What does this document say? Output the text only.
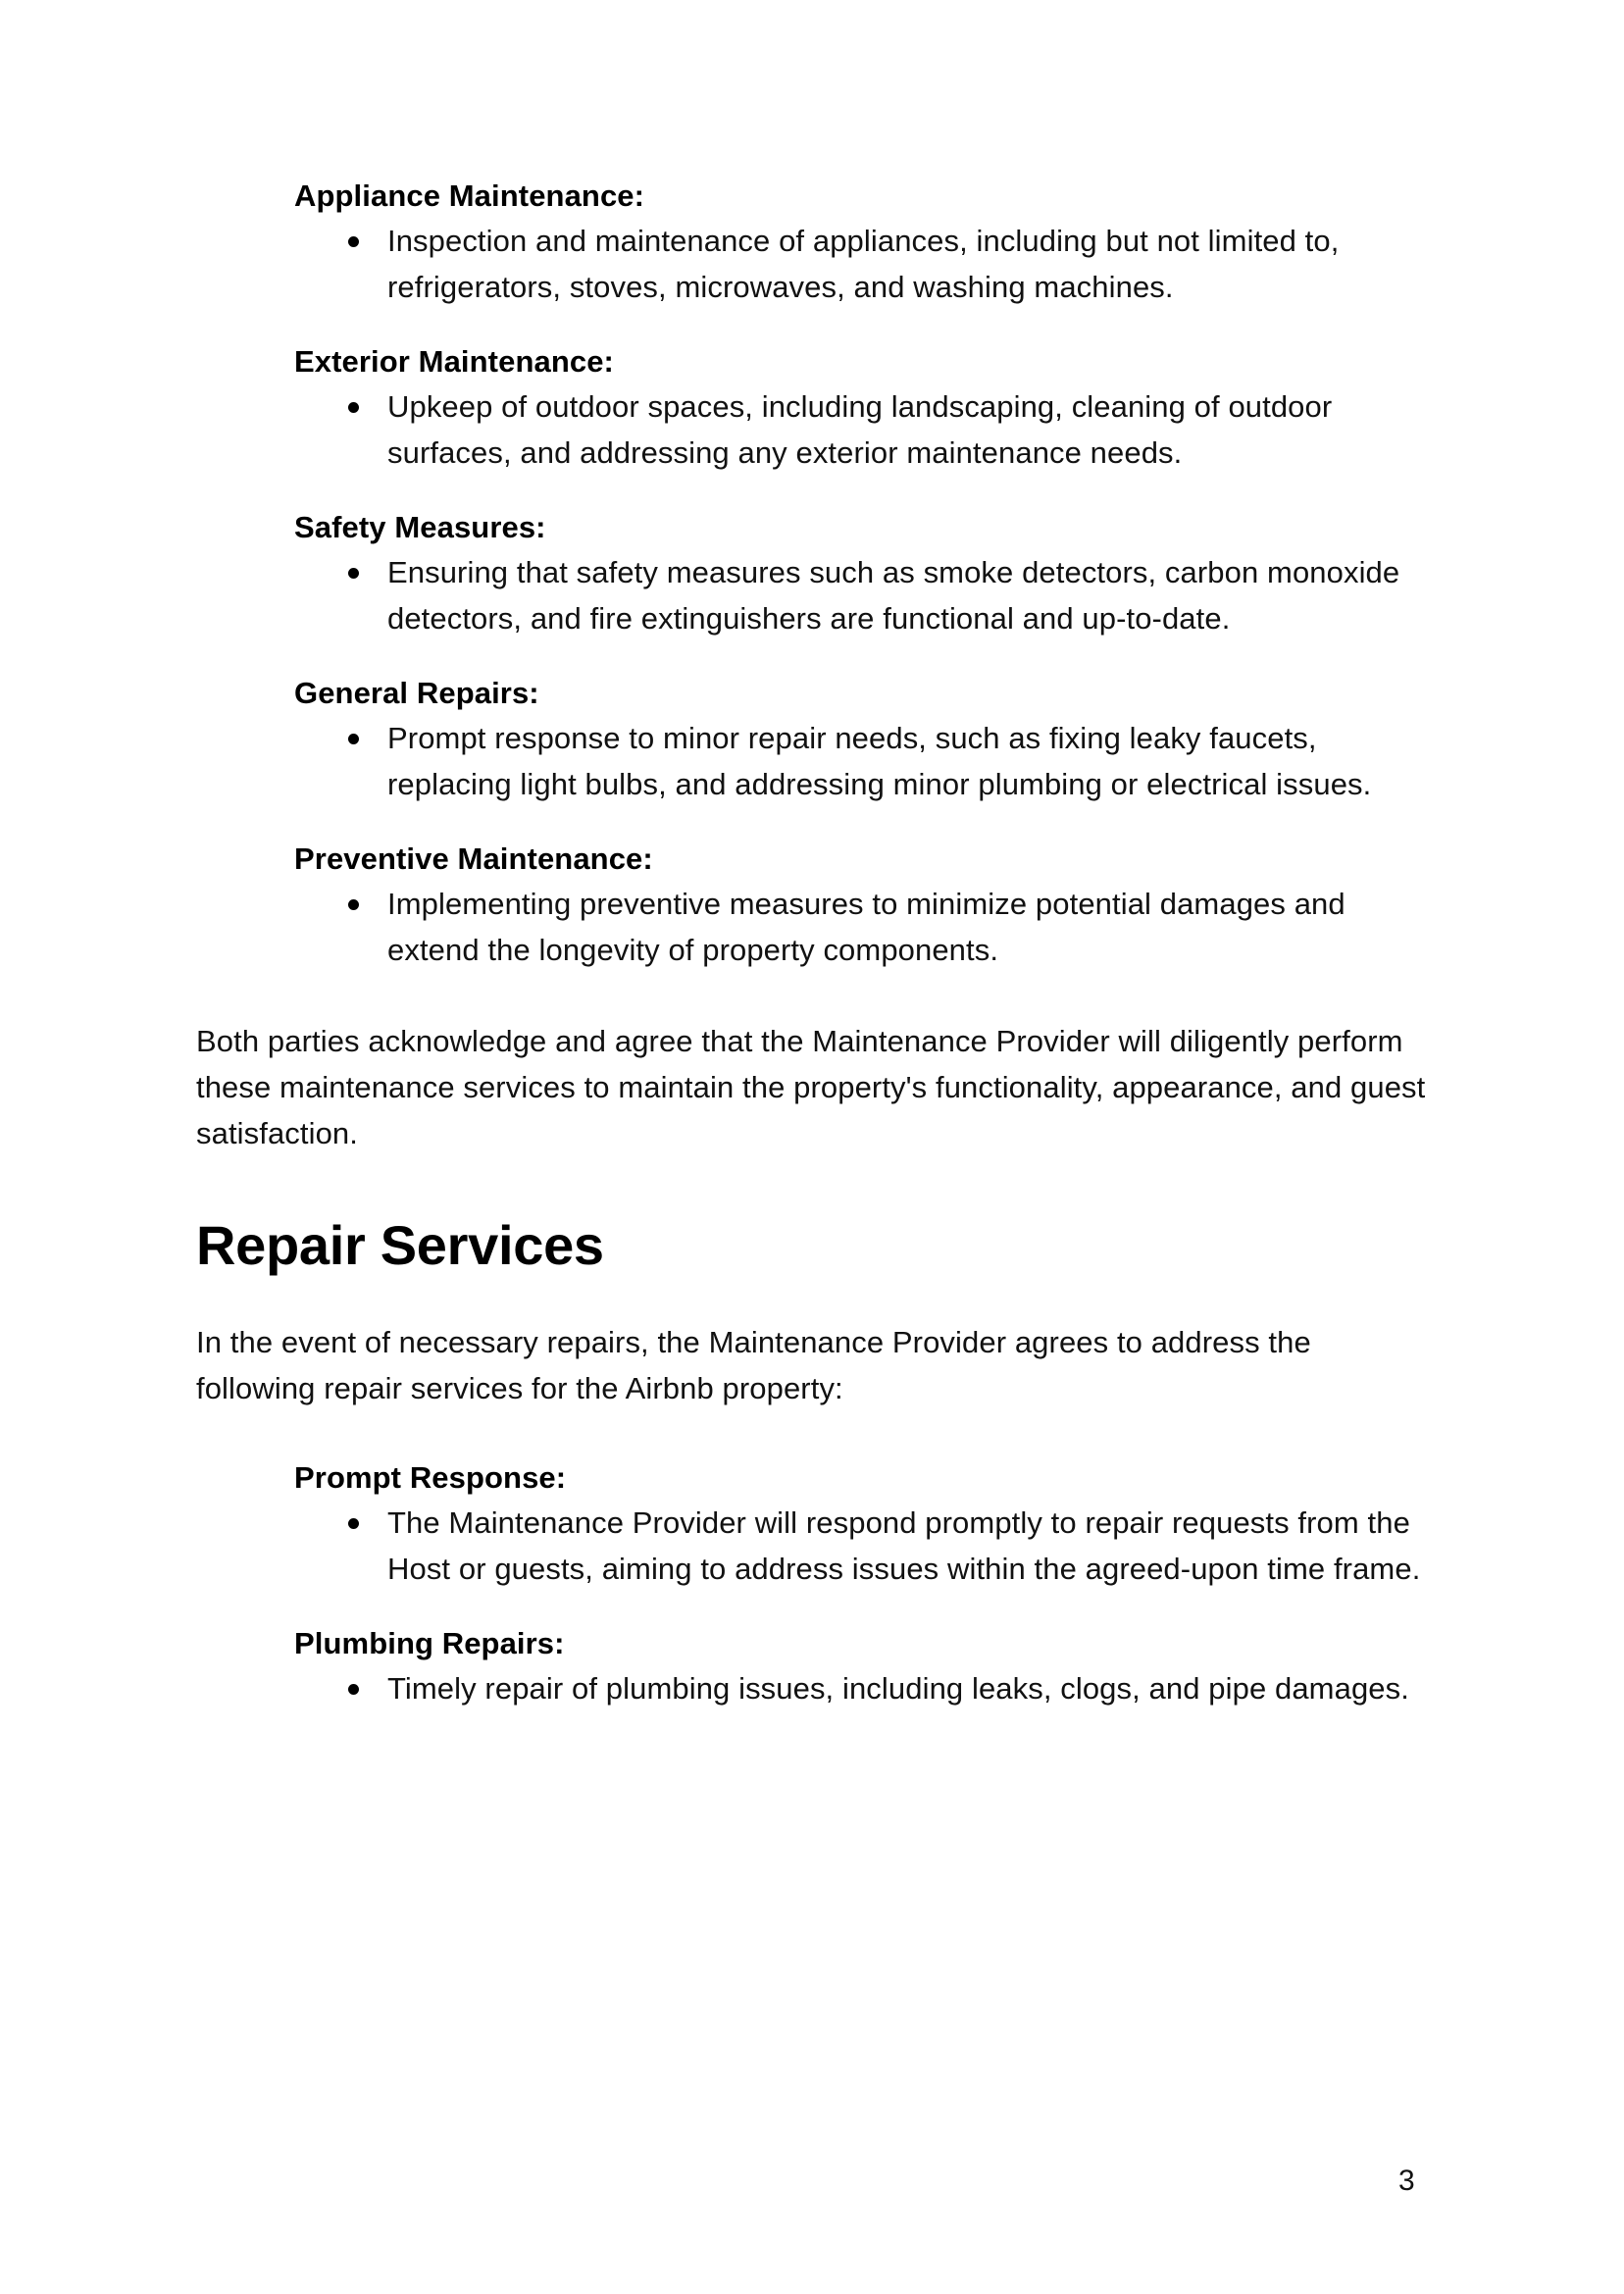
Appliance Maintenance:

Inspection and maintenance of appliances, including but not limited to, refrigerators, stoves, microwaves, and washing machines.

Exterior Maintenance:

Upkeep of outdoor spaces, including landscaping, cleaning of outdoor surfaces, and addressing any exterior maintenance needs.

Safety Measures:

Ensuring that safety measures such as smoke detectors, carbon monoxide detectors, and fire extinguishers are functional and up-to-date.

General Repairs:

Prompt response to minor repair needs, such as fixing leaky faucets, replacing light bulbs, and addressing minor plumbing or electrical issues.

Preventive Maintenance:

Implementing preventive measures to minimize potential damages and extend the longevity of property components.

Both parties acknowledge and agree that the Maintenance Provider will diligently perform these maintenance services to maintain the property's functionality, appearance, and guest satisfaction.

Repair Services

In the event of necessary repairs, the Maintenance Provider agrees to address the following repair services for the Airbnb property:

Prompt Response:

The Maintenance Provider will respond promptly to repair requests from the Host or guests, aiming to address issues within the agreed-upon time frame.

Plumbing Repairs:

Timely repair of plumbing issues, including leaks, clogs, and pipe damages.
3
